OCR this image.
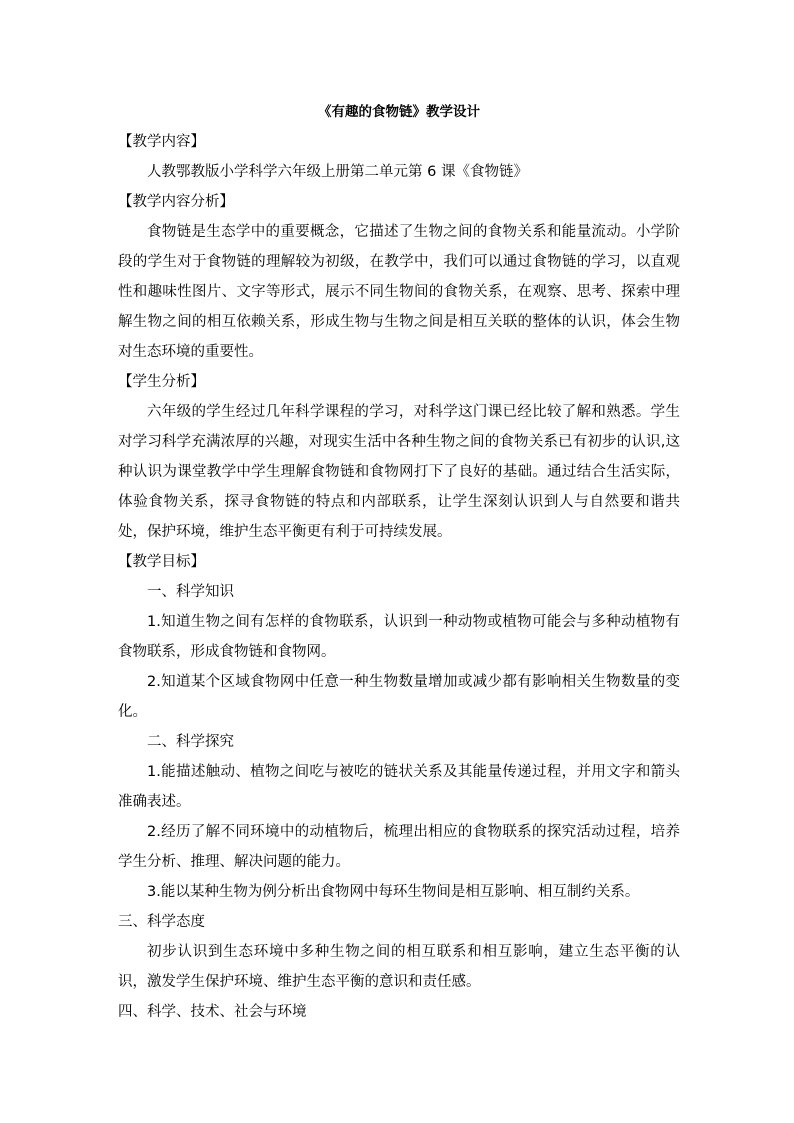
《有趣的食物链》教学设计
【教学内容】
人教鄂教版小学科学六年级上册第二单元第 6 课《食物链》
【教学内容分析】

食物链是生态学中的重要概念，它描述了生物之间的食物关系和能量流动。小学阶段的学生对于食物链的理解较为初级，在教学中，我们可以通过食物链的学习，以直观性和趣味性图片、文字等形式，展示不同生物间的食物关系，在观察、思考、探索中理解生物之间的相互依赖关系，形成生物与生物之间是相互关联的整体的认识，体会生物对生态环境的重要性。

【学生分析】

六年级的学生经过几年科学课程的学习，对科学这门课已经比较了解和熟悉。学生对学习科学充满浓厚的兴趣，对现实生活中各种生物之间的食物关系已有初步的认识,这种认识为课堂教学中学生理解食物链和食物网打下了良好的基础。通过结合生活实际，体验食物关系，探寻食物链的特点和内部联系，让学生深刻认识到人与自然要和谐共处，保护环境，维护生态平衡更有利于可持续发展。

【教学目标】
一、科学知识

1.知道生物之间有怎样的食物联系，认识到一种动物或植物可能会与多种动植物有食物联系，形成食物链和食物网。

2.知道某个区域食物网中任意一种生物数量增加或减少都有影响相关生物数量的变化。

二、科学探究

1.能描述触动、植物之间吃与被吃的链状关系及其能量传递过程，并用文字和箭头准确表述。

2.经历了解不同环境中的动植物后，梳理出相应的食物联系的探究活动过程，培养学生分析、推理、解决问题的能力。

3.能以某种生物为例分析出食物网中每环生物间是相互影响、相互制约关系。

三、科学态度

初步认识到生态环境中多种生物之间的相互联系和相互影响，建立生态平衡的认识，激发学生保护环境、维护生态平衡的意识和责任感。

四、科学、技术、社会与环境
